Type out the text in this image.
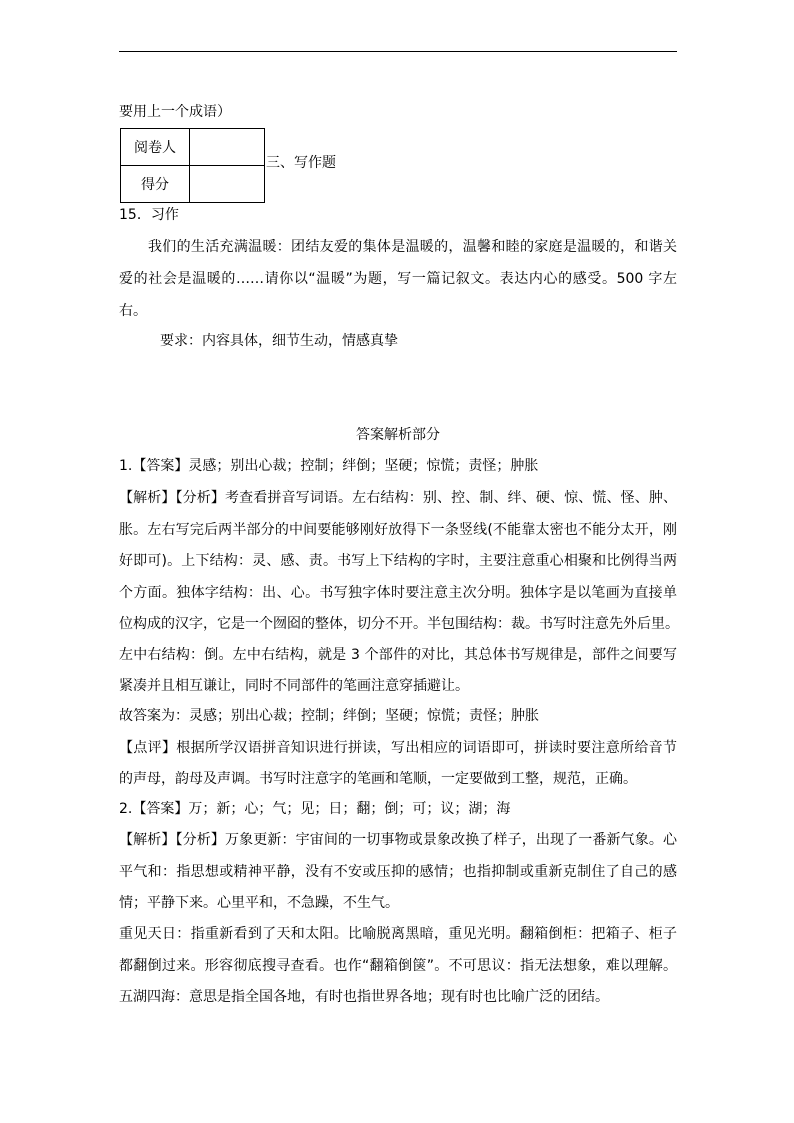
要用上一个成语）
阅卷人	
得分	
三、写作题
15．习作
我们的生活充满温暖：团结友爱的集体是温暖的，温馨和睦的家庭是温暖的，和谐关
爱的社会是温暖的……请你以“温暖”为题，写一篇记叙文。表达内心的感受。500 字左
右。
要求：内容具体，细节生动，情感真挚
答案解析部分
1.【答案】灵感；别出心裁；控制；绊倒；坚硬；惊慌；责怪；肿胀
【解析】【分析】考查看拼音写词语。左右结构：别、控、制、绊、硬、惊、慌、怪、肿、
胀。左右写完后两半部分的中间要能够刚好放得下一条竖线(不能靠太密也不能分太开，刚
好即可)。上下结构：灵、感、责。书写上下结构的字时，主要注意重心相聚和比例得当两
个方面。独体字结构：出、心。书写独字体时要注意主次分明。独体字是以笔画为直接单
位构成的汉字，它是一个囫囵的整体，切分不开。半包围结构：裁。书写时注意先外后里。
左中右结构：倒。左中右结构，就是 3 个部件的对比，其总体书写规律是，部件之间要写
紧凑并且相互谦让，同时不同部件的笔画注意穿插避让。
故答案为：灵感；别出心裁；控制；绊倒；坚硬；惊慌；责怪；肿胀
【点评】根据所学汉语拼音知识进行拼读，写出相应的词语即可，拼读时要注意所给音节
的声母，韵母及声调。书写时注意字的笔画和笔顺，一定要做到工整，规范，正确。
2.【答案】万；新；心；气；见；日；翻；倒；可；议；湖；海
【解析】【分析】万象更新：宇宙间的一切事物或景象改换了样子，出现了一番新气象。心
平气和：指思想或精神平静，没有不安或压抑的感情；也指抑制或重新克制住了自己的感
情；平静下来。心里平和，不急躁，不生气。
重见天日：指重新看到了天和太阳。比喻脱离黑暗，重见光明。翻箱倒柜：把箱子、柜子
都翻倒过来。形容彻底搜寻查看。也作“翻箱倒箧”。不可思议：指无法想象，难以理解。
五湖四海：意思是指全国各地，有时也指世界各地；现有时也比喻广泛的团结。
